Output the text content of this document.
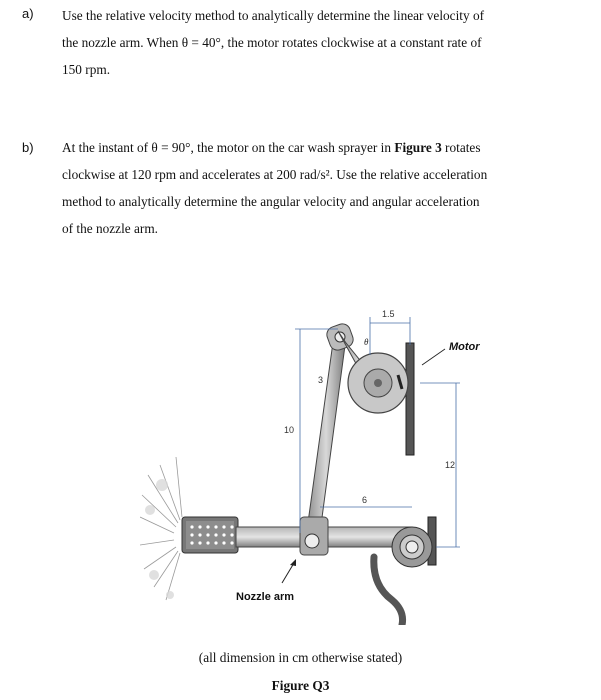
a) Use the relative velocity method to analytically determine the linear velocity of

the nozzle arm. When θ = 40°, the motor rotates clockwise at a constant rate of

150 rpm.

b) At the instant of θ = 90°, the motor on the car wash sprayer in Figure 3 rotates

clockwise at 120 rpm and accelerates at 200 rad/s². Use the relative acceleration

method to analytically determine the angular velocity and angular acceleration

of the nozzle arm.

1.5
3
10
12
6
θ	Motor
Nozzle arm
(all dimension in cm otherwise stated)
Figure Q3
